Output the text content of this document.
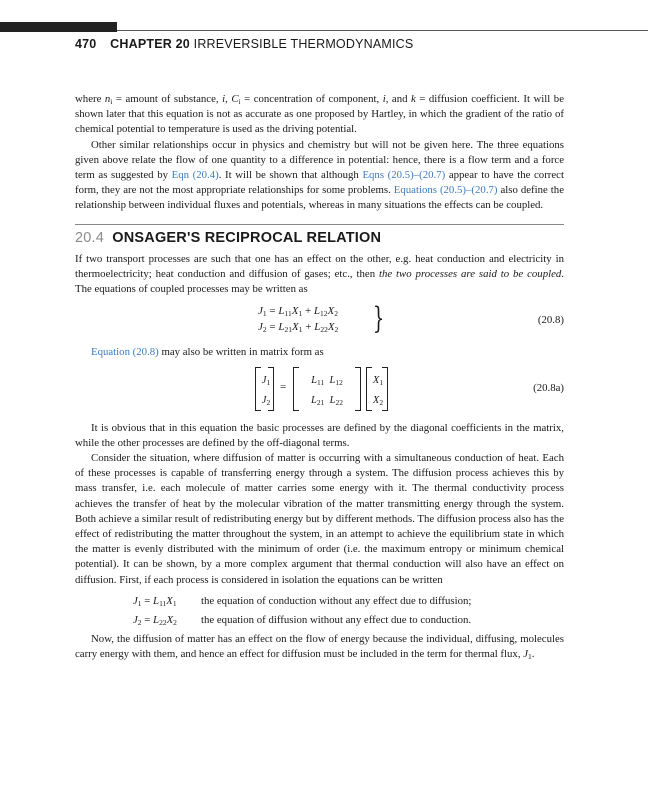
470 CHAPTER 20 IRREVERSIBLE THERMODYNAMICS

where $n_i$ = amount of substance, i, $C_i$ = concentration of component, i, and k = diffusion coefficient. It will be shown later that this equation is not as accurate as one proposed by Hartley, in which the gradient of the ratio of chemical potential to temperature is used as the driving potential.

Other similar relationships occur in physics and chemistry but will not be given here. The three equations given above relate the flow of one quantity to a difference in potential: hence, there is a flow term and a force term as suggested by Eqn (20.4). It will be shown that although Eqns (20.5)–(20.7) appear to have the correct form, they are not the most appropriate relationships for some problems. Equations (20.5)–(20.7) also define the relationship between individual fluxes and potentials, whereas in many situations the effects can be coupled.

20.4 ONSAGER'S RECIPROCAL RELATION

If two transport processes are such that one has an effect on the other, e.g. heat conduction and electricity in thermoelectricity; heat conduction and diffusion of gases; etc., then the two processes are said to be coupled. The equations of coupled processes may be written as

$J_1 = L_{11}X_1 + L_{12}X_2$
$J_2 = L_{21}X_1 + L_{22}X_2$ }	(20.8)

Equation (20.8) may also be written in matrix form as

$J_1$
$J_2$
=
$L_{11}$  $L_{12}$
$L_{21}$  $L_{22}$
$X_1$
$X_2$
(20.8a)

It is obvious that in this equation the basic processes are defined by the diagonal coefficients in the matrix, while the other processes are defined by the off-diagonal terms.

Consider the situation, where diffusion of matter is occurring with a simultaneous conduction of heat. Each of these processes is capable of transferring energy through a system. The diffusion process achieves this by mass transfer, i.e. each molecule of matter carries some energy with it. The thermal conductivity process achieves the transfer of heat by the molecular vibration of the matter transmitting energy through the system. Both achieve a similar result of redistributing energy but by different methods. The diffusion process also has the effect of redistributing the matter throughout the system, in an attempt to achieve the equilibrium state in which the matter is evenly distributed with the minimum of order (i.e. the maximum entropy or minimum chemical potential). It can be shown, by a more complex argument that thermal conduction will also have an effect on diffusion. First, if each process is considered in isolation the equations can be written

$J_1 = L_{11}X_1$ the equation of conduction without any effect due to diffusion;
$J_2 = L_{22}X_2$ the equation of diffusion without any effect due to conduction.

Now, the diffusion of matter has an effect on the flow of energy because the individual, diffusing, molecules carry energy with them, and hence an effect for diffusion must be included in the term for thermal flux, $J_1$.
